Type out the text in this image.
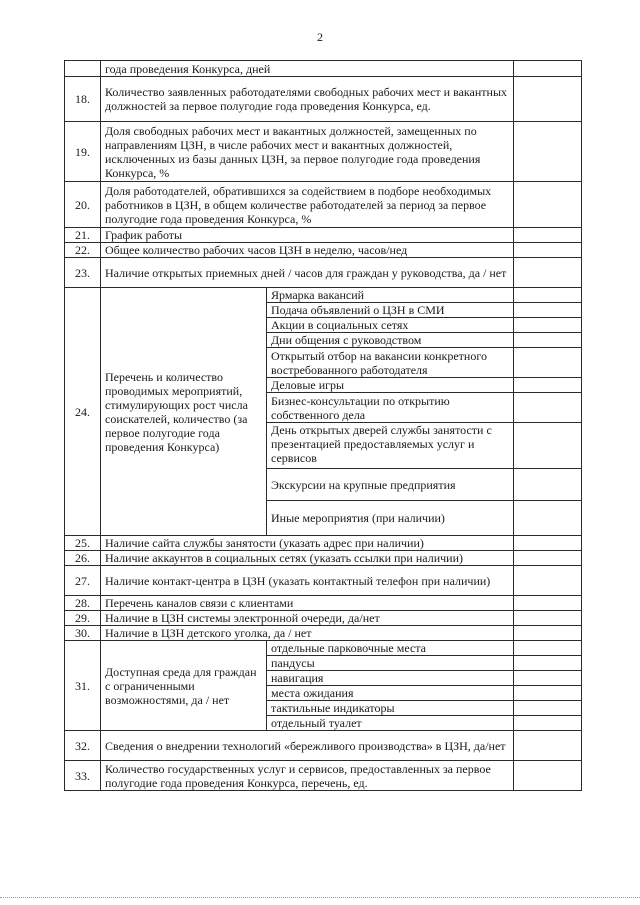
2
	года проведения Конкурса, дней		
18.	Количество заявленных работодателями свободных рабочих мест и вакантных должностей за первое полугодие года проведения Конкурса, ед.		
19.	Доля свободных рабочих мест и вакантных должностей, замещенных по направлениям ЦЗН, в числе рабочих мест и вакантных должностей, исключенных из базы данных ЦЗН, за первое полугодие года проведения Конкурса, %		
20.	Доля работодателей, обратившихся за содействием в подборе необходимых работников в ЦЗН, в общем количестве работодателей за период за первое полугодие года проведения Конкурса, %		
21.	График работы		
22.	Общее количество рабочих часов ЦЗН в неделю, часов/нед		
23.	Наличие открытых приемных дней / часов для граждан у руководства, да / нет		
24.	Перечень и количество проводимых мероприятий, стимулирующих рост числа соискателей, количество (за первое полугодие года проведения Конкурса)	Ярмарка вакансий	
		Подача объявлений о ЦЗН в СМИ	
		Акции в социальных сетях	
		Дни общения с руководством	
		Открытый отбор на вакансии конкретного востребованного работодателя	
		Деловые игры	
		Бизнес-консультации по открытию собственного дела	
		День открытых дверей службы занятости с презентацией предоставляемых услуг и сервисов	
		Экскурсии на крупные предприятия	
		Иные мероприятия (при наличии)	
25.	Наличие сайта службы занятости (указать адрес при наличии)		
26.	Наличие аккаунтов в социальных сетях (указать ссылки при наличии)		
27.	Наличие контакт-центра в ЦЗН (указать контактный телефон при наличии)		
28.	Перечень каналов связи с клиентами		
29.	Наличие в ЦЗН системы электронной очереди, да/нет		
30.	Наличие в ЦЗН детского уголка, да / нет		
31.	Доступная среда для граждан с ограниченными возможностями, да / нет	отдельные парковочные места	
		пандусы	
		навигация	
		места ожидания	
		тактильные индикаторы	
		отдельный туалет	
32.	Сведения о внедрении технологий «бережливого производства» в ЦЗН, да/нет		
33.	Количество государственных услуг и сервисов, предоставленных за первое полугодие года проведения Конкурса, перечень, ед.		
